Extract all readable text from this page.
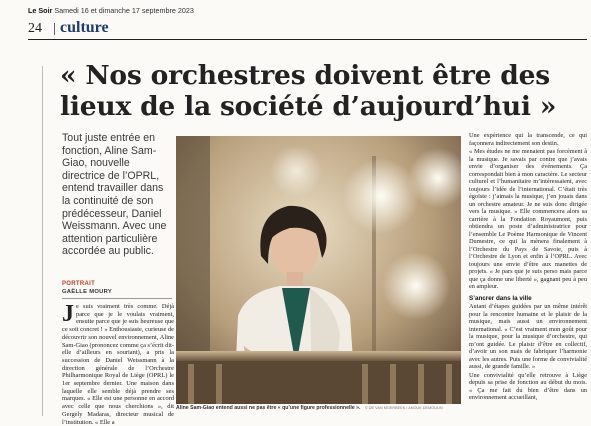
Le Soir Samedi 16 et dimanche 17 septembre 2023
24 culture
« Nos orchestres doivent être des lieux de la société d’aujourd’hui »

Tout juste entrée en fonction, Aline Sam-Giao, nouvelle directrice de l’OPRL, entend travailler dans la continuité de son prédécesseur, Daniel Weissmann. Avec une attention particulière accordée au public.

PORTRAIT
GAËLLE MOURY
J e suis vraiment très comme. Déjà parce que je le voulais vraiment, ensuite parce que je suis heureuse que ce soit concret ! » Enthousiaste, curieuse de découvrir son nouvel environnement, Aline Sam-Giao (prononcez comme ça s’écrit dit-elle d’ailleurs en souriant), a pris la succession de Daniel Weissmann à la direction générale de l’Orchestre Philharmonique Royal de Liège (OPRL) le 1er septembre dernier. Une maison dans laquelle elle semble déjà prendre ses marques. « Elle est une personne en accord avec celle que nous cherchions », dit Gergely Madaras, directeur musical de l’institution. « Elle a
Aline Sam-Giao entend aussi ne pas être « qu’une figure professionnelle ». © DE VAN MOERBEEK / ANOUK DEMOULIN

Une expérience qui la transcende, ce qui façonnera indirectement son destin.

« Mes études ne me menaient pas forcément à la musique. Je savais par contre que j’avais envie d’organiser des événements. Ça correspondait bien à mon caractère. Le secteur culturel et l’humanitaire m’intéressaient, avec toujours l’idée de l’international. C’était très égoïste : j’aimais la musique, j’en jouais dans un orchestre amateur. Je ne suis donc dirigée vers la musique. » Elle commencera alors sa carrière à la Fondation Royaumont, puis obtiendra un poste d’administratrice pour l’ensemble Le Poème Harmonique de Vincent Dumestre, ce qui la mènera finalement à l’Orchestre du Pays de Savoie, puis à l’Orchestre de Lyon et enfin à l’OPRL. Avec toujours une envie d’être aux manettes de projets. « Je pars que je suis perso mais parce que ça donne une liberté », gagnant peu à peu en ampleur.

S’ancrer dans la ville

Autant d’étapes guidées par un même intérêt pour la rencontre humaine et le plaisir de la musique, mais aussi un environnement international. « C’est vraiment mon goût pour la musique, pour la musique d’orchestre, qui m’ont guidée. Le plaisir d’être en collectif, d’avoir un son mais de fabriquer l’harmonie avec les autres. Puis une forme de convivialité aussi, de grande famille. »

Une convivialité qu’elle retrouve à Liège depuis sa prise de fonction au début du mois. « Ça me fait du bien d’être dans un environnement accueillant,
